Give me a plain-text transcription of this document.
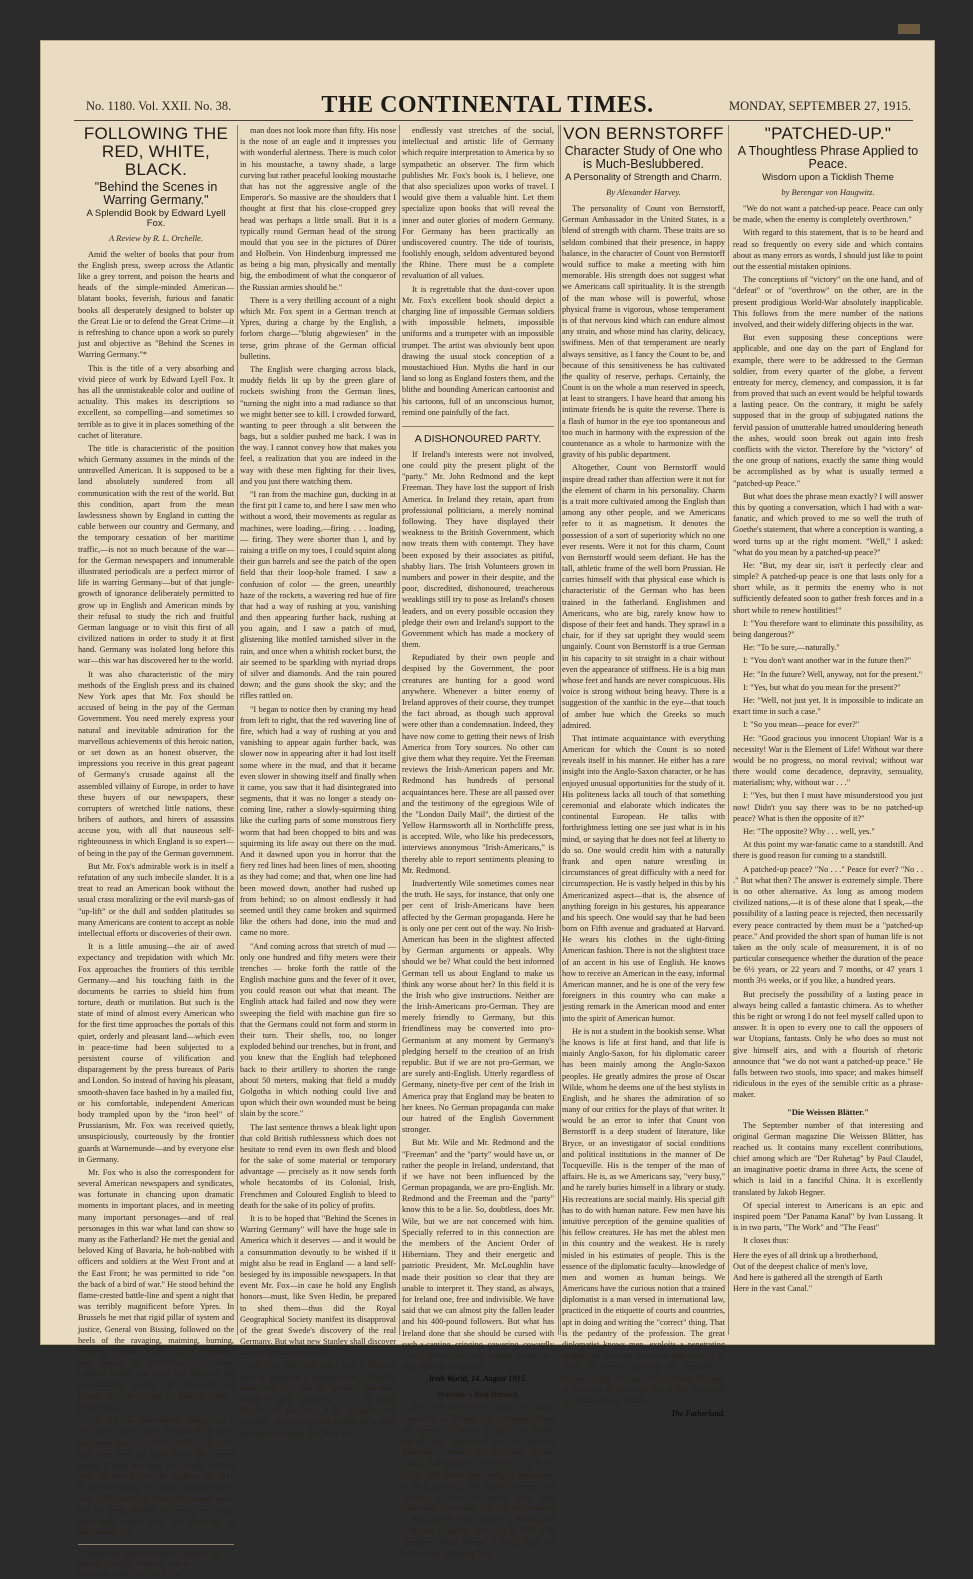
No. 1180. Vol. XXII. No. 38.	THE CONTINENTAL TIMES.	MONDAY, SEPTEMBER 27, 1915.
FOLLOWING THE RED, WHITE, BLACK.
"Behind the Scenes in Warring Germany."
A Splendid Book by Edward Lyell Fox.
A Review by R. L. Orchelle.

Amid the welter of books that pour from the English press, sweep across the Atlantic like a grey torrent, and poison the hearts and heads of the simple-minded American—blatant books, feverish, furious and fanatic books all desperately designed to bolster up the Great Lie or to defend the Great Crime—it is refreshing to chance upon a work so purely just and objective as "Behind the Scenes in Warring Germany."*

This is the title of a very absorbing and vivid piece of work by Edward Lyell Fox. It has all the unmistakeable color and outline of actuality. This makes its descriptions so excellent, so compelling—and sometimes so terrible as to give it in places something of the cachet of literature.

The title is characteristic of the position which Germany assumes in the minds of the untravelled American. It is supposed to be a land absolutely sundered from all communication with the rest of the world. But this condition, apart from the mean lawlessness shown by England in cutting the cable between our country and Germany, and the temporary cessation of her maritime traffic,—is not so much because of the war—for the German newspapers and innumerable illustrated periodicals are a perfect mirror of life in warring Germany—but of that jungle-growth of ignorance deliberately permitted to grow up in English and American minds by their refusal to study the rich and fruitful German language or to visit this first of all civilized nations in order to study it at first hand. Germany was isolated long before this war—this war has discovered her to the world.

It was also characteristic of the miry methods of the English press and its chained New York apes that Mr. Fox should be accused of being in the pay of the German Government. You need merely express your natural and inevitable admiration for the marvellous achievements of this heroic nation, or set down as an honest observer, the impressions you receive in this great pageant of Germany's crusade against all the assembled villainy of Europe, in order to have these buyers of our newspapers, these corrupters of wretched little nations, these bribers of authors, and hirers of assassins accuse you, with all that nauseous self-righteousness in which England is so expert—of being in the pay of the German government.

But Mr. Fox's admirable work is in itself a refutation of any such imbecile slander. It is a treat to read an American book without the usual crass moralizing or the evil marsh-gas of "up-lift" or the dull and sodden platitudes so many Americans are content to accept as noble intellectual efforts or discoveries of their own.

It is a little amusing—the air of awed expectancy and trepidation with which Mr. Fox approaches the frontiers of this terrible Germany—and his touching faith in the documents he carries to shield him from torture, death or mutilation. But such is the state of mind of almost every American who for the first time approaches the portals of this quiet, orderly and pleasant land—which even in peace-time had been subjected to a persistent course of vilification and disparagement by the press bureaux of Paris and London. So instead of having his pleasant, smooth-shaven face bashed in by a mailed fist, or his comfortable, independent American body trampled upon by the "iron heel" of Prussianism, Mr. Fox was received quietly, unsuspiciously, courteously by the frontier guards at Warnemunde—and by everyone else in Germany.

Mr. Fox who is also the correspondent for several American newspapers and syndicates, was fortunate in chancing upon dramatic moments in important places, and in meeting many important personages—and of real personages in this war what land can show so many as the Fatherland? He met the genial and beloved King of Bavaria, he hob-nobbed with officers and soldiers at the West Front and at the East Front; he was permitted to ride "on the back of a bird of war." He stood behind the flame-crested battle-line and spent a night that was terribly magnificent before Ypres. In Brussels he met that rigid pillar of system and justice, General von Bissing, followed on the heels of the ravaging, maiming, burning, torturing Russian hordes which devastated East Prussia; he interviewed that oaken colossus whose iron mace has shattered the multitudinous armies that threatened all Europe with the eclipse of Russian night—Hindenburg.

"His is a face tremendously strong, with a chin like a buttress and a forehead of the width that means power and there is a firmness to his little blue eyes; all these things the camera shows. It does not show the twinkle in these eyes; nor does it show the kindness that lurks in the wrinkles of his hardy, weather-beaten skin. It falls utterly to depict the pleasant smile that his small sharply cut mouth can show. Sixty-eight years you are thinking in amazement. This

* "Behind the Scenes in Warring Germany" by Edward Lyell Fox. McBride, Nast & Co., Publishers, New York City, $ 1.50.

man does not look more than fifty. His nose is the nose of an eagle and it impresses you with wonderful alertness. There is much color in his moustache, a tawny shade, a large curving but rather peaceful looking moustache that has not the aggressive angle of the Emperor's. So massive are the shoulders that I thought at first that his close-cropped grey head was perhaps a little small. But it is a typically round German head of the strong mould that you see in the pictures of Dürer and Holbein. Von Hindenburg impressed me as being a big man, physically and mentally big, the embodiment of what the conqueror of the Russian armies should be."

There is a very thrilling account of a night which Mr. Fox spent in a German trench at Ypres, during a charge by the English, a forlorn charge—"blutig abgewiesen" in the terse, grim phrase of the German official bulletins.

The English were charging across black, muddy fields lit up by the green glare of rockets swishing from the German lines, "turning the night into a mad radiance so that we might better see to kill. I crowded forward, wanting to peer through a slit between the bags, but a soldier pushed me back. I was in the way. I cannot convey how that makes you feel, a realization that you are indeed in the way with these men fighting for their lives, and you just there watching them.

"I ran from the machine gun, ducking in at the first pit I came to, and here I saw men who without a word, their movements as regular as machines, were loading,—firing. . . . loading, — firing. They were shorter than I, and by raising a trifle on my toes, I could squint along their gun barrels and see the patch of the open field that their loop-hole framed. I saw a confusion of color — the green, unearthly haze of the rockets, a wavering red hue of fire that had a way of rushing at you, vanishing and then appearing further back, rushing at you again, and I saw a patch of mud, glistening like mottled tarnished silver in the rain, and once when a whitish rocket burst, the air seemed to be sparkling with myriad drops of silver and diamonds. And the rain poured down; and the guns shook the sky; and the rifles rattled on.

"I began to notice then by craning my head from left to right, that the red wavering line of fire, which had a way of rushing at you and vanishing to appear again further back, was slower now in appearing after it had lost itself some where in the mud, and that it became even slower in showing itself and finally when it came, you saw that it had disintegrated into segments, that it was no longer a steady on-coming line, rather a slowly-squirming thing like the curling parts of some monstrous fiery worm that had been chopped to bits and was squirming its life away out there on the mud. And it dawned upon you in horror that the fiery red lines had been lines of men, shooting as they had come; and that, when one line had been mowed down, another had rushed up from behind; so on almost endlessly it had seemed until they came broken and squirmed like the others had done, into the mud and came no more.

"And coming across that stretch of mud — only one hundred and fifty meters were their trenches — broke forth the rattle of the English machine guns and the fever of it over, you could reason out what that meant. The English attack had failed and now they were sweeping the field with machine gun fire so that the Germans could not form and storm in their turn. Their shells, too, no longer exploded behind our trenches, but in front, and you knew that the English had telephoned back to their artillery to shorten the range about 50 meters, making that field a muddy Golgotha in which nothing could live and upon which their own wounded must be being slain by the score."

The last sentence throws a bleak light upon that cold British ruthlessness which does not hesitate to rend even its own flesh and blood for the sake of some material or temporary advantage — precisely as it now sends forth whole hecatombs of its Colonial, Irish, Frenchmen and Coloured English to bleed to death for the sake of its policy of profits.

It is to be hoped that "Behind the Scenes in Warring Germany" will have the huge sale in America which it deserves — and it would be a consummation devoutly to be wished if it might also be read in England — a land self-besieged by its impossible newspapers. In that event Mr. Fox—in case he hold any English honors—must, like Sven Hedin, be prepared to shed them—thus did the Royal Geographical Society manifest its disapproval of the great Swede's discovery of the real Germany. But what new Stanley shall discover darkest Britain unto itself?

Mr. Fox now and again uses a German word or phrase in a luminous way—though I must warn him that his favorite "granaten" should be spelt "Granaten." It is to be hoped that he will persevere in his struggles with German—which is not half so difficult as most Americans imagine. For there are

endlessly vast stretches of the social, intellectual and artistic life of Germany which require interpretation to America by so sympathetic an observer. The firm which publishes Mr. Fox's book is, I believe, one that also specializes upon works of travel. I would give them a valuable hint. Let them specialize upon books that will reveal the inner and outer glories of modern Germany. For Germany has been practically an undiscovered country. The tide of tourists, foolishly enough, seldom adventured beyond the Rhine. There must be a complete revaluation of all values.

It is regrettable that the dust-cover upon Mr. Fox's excellent book should depict a charging line of impossible German soldiers with impossible helmets, impossible uniforms and a trumpeter with an impossible trumpet. The artist was obviously bent upon drawing the usual stock conception of a moustachioed Hun. Myths die hard in our land so long as England fosters them, and the blithe and bounding American cartoonist and his cartoons, full of an unconscious humor, remind one painfully of the fact.

A DISHONOURED PARTY.

If Ireland's interests were not involved, one could pity the present plight of the "party." Mr. John Redmond and the kept Freeman. They have lost the support of Irish America. In Ireland they retain, apart from professional politicians, a merely nominal following. They have displayed their weakness to the British Government, which now treats them with contempt. They have been exposed by their associates as pitiful, shabby liars. The Irish Volunteers grown in numbers and power in their despite, and the poor, discredited, dishonoured, treacherous weaklings still try to pose as Ireland's chosen leaders, and on every possible occasion they pledge their own and Ireland's support to the Government which has made a mockery of them.

Repudiated by their own people and despised by the Government, the poor creatures are hunting for a good word anywhere. Whenever a bitter enemy of Ireland approves of their course, they trumpet the fact abroad, as though such approval were other than a condemnation. Indeed, they have now come to getting their news of Irish America from Tory sources. No other can give them what they require. Yet the Freeman reviews the Irish-American papers and Mr. Redmond has hundreds of personal acquaintances here. These are all passed over and the testimony of the egregious Wile of the "London Daily Mail", the dirtiest of the Yellow Harmsworth all in Northcliffe press, is accepted. Wile, who like his predecessors, interviews anonymous "Irish-Americans," is thereby able to report sentiments pleasing to Mr. Redmond.

Inadvertently Wile sometimes comes near the truth. He says, for instance, that only one per cent of Irish-Americans have been affected by the German propaganda. Here he is only one per cent out of the way. No Irish-American has been in the slightest affected by German arguments or appeals. Why should we be? What could the best informed German tell us about England to make us think any worse about her? In this field it is the Irish who give instructions. Neither are the Irish-Americans pro-German. They are merely friendly to Germany, but this friendliness may be converted into pro-Germanism at any moment by Germany's pledging herself to the creation of an Irish republic. But if we are not pro-German, we are surely anti-English. Utterly regardless of Germany, ninety-five per cent of the Irish in America pray that England may be beaten to her knees. No German propaganda can make our hatred of the English Government stronger.

But Mr. Wile and Mr. Redmond and the "Freeman" and the "party" would have us, or rather the people in Ireland, understand, that if we have not been influenced by the German propaganda, we are pro-English. Mr. Redmond and the Freeman and the "party" know this to be a lie. So, doubtless, does Mr. Wile, but we are not concerned with him. Specially referred to in this connection are the members of the Ancient Order of Hibernians. They and their energetic and patriotic President, Mr. McLoughlin have made their position so clear that they are unable to interpret it. They stand, as always, for Ireland one, free and indivisible. We have said that we can almost pity the fallen leader and his 400-pound followers. But what has Ireland done that she should be cursed with such a canting, cringing, cowering, cowardly crew? Ireland has had traitors before but none quite so despicable!

Irish World, 14. August 1915.
Warsaw's Red Record.

Few cities have been the cause of so much bloodshed as Warsaw. For centuries, before the capture of Russia in 1813, the Polish capital was contended for by Swedes, Russians, Germans and Austrians, against whom, individually or collectively, the Poles had to fight almost continually for possession of their beautiful city. Both Germany and Austria, it may be noted, have held possession of Warsaw. The city was awarded to Prussia at the third partition of Poland, and held until Napoleon entered it in 1806. The Austrians seized Warsaw in April, 1809, but left it in the following June.

"PATCHED-UP."
A Thoughtless Phrase Applied to Peace.
Wisdom upon a Ticklish Theme
by Berengar von Haugwitz.

"We do not want a patched-up peace. Peace can only be made, when the enemy is completely overthrown."

With regard to this statement, that is to be heard and read so frequently on every side and which contains about as many errors as words, I should just like to point out the essential mistaken opinions.

The conceptions of "victory" on the one hand, and of "defeat" or of "overthrow" on the other, are in the present prodigious World-War absolutely inapplicable. This follows from the mere number of the nations involved, and their widely differing objects in the war.

But even supposing these conceptions were applicable, and one day on the part of England for example, there were to be addressed to the German soldier, from every quarter of the globe, a fervent entreaty for mercy, clemency, and compassion, it is far from proved that such an event would be helpful towards a lasting peace. On the contrary, it might be safely supposed that in the group of subjugated nations the fervid passion of unutterable hatred smouldering beneath the ashes, would soon break out again into fresh conflicts with the victor. Therefore by the "victory" of the one group of nations, exactly the same thing would be accomplished as by what is usually termed a "patched-up Peace."

But what does the phrase mean exactly? I will answer this by quoting a conversation, which I had with a war-fanatic, and which proved to me so well the truth of Goethe's statement, that where a conception is wanting, a word turns up at the right moment. "Well," I asked: "what do you mean by a patched-up peace?"

He: "But, my dear sir, isn't it perfectly clear and simple? A patched-up peace is one that lasts only for a short while, as it permits the enemy who is not sufficiently defeated soon to gather fresh forces and in a short while to renew hostilities!"

I: "You therefore want to eliminate this possibility, as being dangerous?"

He: "To be sure,—naturally."

I: "You don't want another war in the future then?"

He: "In the future? Well, anyway, not for the present."

I: "Yes, but what do you mean for the present?"

He: "Well, not just yet. It is impossible to indicate an exact time in such a case."

I: "So you mean—peace for ever?"

He: "Good gracious you innocent Utopian! War is a necessity! War is the Element of Life! Without war there would be no progress, no moral revival; without war there would come decadence, depravity, sensuality, materialism; why, without war . . ."

I: "Yes, but then I must have misunderstood you just now! Didn't you say there was to be no patched-up peace? What is then the opposite of it?"

He: "The opposite? Why . . . well, yes."

At this point my war-fanatic came to a standstill. And there is good reason for coming to a standstill.

A patched-up peace? "No . . ." Peace for ever? "No . . ." But what then? The answer is extremely simple. There is no other alternative. As long as among modern civilized nations,—it is of these alone that I speak,—the possibility of a lasting peace is rejected, then necessarily every peace contracted by them must be a "patched-up peace." And provided the short span of human life is not taken as the only scale of measurement, it is of no particular consequence whether the duration of the peace be 6½ years, or 22 years and 7 months, or 47 years 1 month 3½ weeks, or if you like, a hundred years.

But precisely the possibility of a lasting peace in always being called a fantastic chimera. As to whether this be right or wrong I do not feel myself called upon to answer. It is open to every one to call the opposers of war Utopians, fantasts. Only he who does so must not give himself airs, and with a flourish of rhetoric announce that "we do not want a patched-up peace." He falls between two stools, into space; and makes himself ridiculous in the eyes of the sensible critic as a phrase-maker.

"Die Weissen Blätter."

The September number of that interesting and original German magazine Die Weissen Blätter, has reached us. It contains many excellent contributions, chief among which are "Der Ruhetag" by Paul Claudel, an imaginative poetic drama in three Acts, the scene of which is laid in a fanciful China. It is excellently translated by Jakob Hegner.

Of special interest to Americans is an epic and inspired poem "Der Panama Kanal" by Ivan Lussang. It is in two parts, "The Work" and "The Feast"

It closes thus:

Here the eyes of all drink up a brotherhood,
Out of the deepest chalice of men's love,
And here is gathered all the strength of Earth
Here in the vast Canal."
VON BERNSTORFF
Character Study of One who is Much-Beslubbered.
A Personality of Strength and Charm.
By Alexander Harvey.

The personality of Count von Bernstorff, German Ambassador in the United States, is a blend of strength with charm. These traits are so seldom combined that their presence, in happy balance, in the character of Count von Bernstorff would suffice to make a meeting with him memorable. His strength does not suggest what we Americans call spirituality. It is the strength of the man whose will is powerful, whose physical frame is vigorous, whose temperament is of that nervous kind which can endure almost any strain, and whose mind has clarity, delicacy, swiftness. Men of that temperament are nearly always sensitive, as I fancy the Count to be, and because of this sensitiveness he has cultivated the quality of reserve, perhaps. Certainly, the Count is on the whole a man reserved in speech, at least to strangers. I have heard that among his intimate friends he is quite the reverse. There is a flash of humor in the eye too spontaneous and too much in harmony with the expression of the countenance as a whole to harmonize with the gravity of his public department.

Altogether, Count von Bernstorff would inspire dread rather than affection were it not for the element of charm in his personality. Charm is a trait more cultivated among the English than among any other people, and we Americans refer to it as magnetism. It denotes the possession of a sort of superiority which no one ever resents. Were it not for this charm, Count von Bernstorff would seem defiant. He has the tall, athletic frame of the well born Prussian. He carries himself with that physical ease which is characteristic of the German who has been trained in the fatherland. Englishmen and Americans, who are big, rarely know how to dispose of their feet and hands. They sprawl in a chair, for if they sat upright they would seem ungainly. Count von Bernstorff is a true German in his capacity to sit straight in a chair without even the appearance of stiffness. He is a big man whose feet and hands are never conspicuous. His voice is strong without being heavy. There is a suggestion of the xanthic in the eye—that touch of amber hue which the Greeks so much admired.

That intimate acquaintance with everything American for which the Count is so noted reveals itself in his manner. He either has a rare insight into the Anglo-Saxon character, or he has enjoyed unusual opportunities for the study of it. His politeness lacks all touch of that something ceremonial and elaborate which indicates the continental European. He talks with forthrightness letting one see just what is in his mind, or saying that he does not feel at liberty to do so. One would credit him with a naturally frank and open nature wrestling in circumstances of great difficulty with a need for circumspection. He is vastly helped in this by his Americanized aspect—that is, the absence of anything foreign in his gestures, his appearance and his speech. One would say that he had been born on Fifth avenue and graduated at Harvard. He wears his clothes in the tight-fitting American fashion. There is not the slightest trace of an accent in his use of English. He knows how to receive an American in the easy, informal American manner, and he is one of the very few foreigners in this country who can make a jesting remark in the American mood and enter into the spirit of American humor.

He is not a student in the bookish sense. What he knows is life at first hand, and that life is mainly Anglo-Saxon, for his diplomatic career has been mainly among the Anglo-Saxon peoples. He greatly admires the prose of Oscar Wilde, whom he deems one of the best stylists in English, and he shares the admiration of so many of our critics for the plays of that writer. It would be an error to infer that Count von Bernstorff is a deep student of literature, like Bryce, or an investigator of social conditions and political institutions in the manner of De Tocqueville. His is the temper of the man of affairs. He is, as we Americans say, "very busy," and he rarely buries himself in a library or study. His recreations are social mainly. His special gift has to do with human nature. Few men have his intuitive perception of the genuine qualities of his fellow creatures. He has met the ablest men in this country and the weakest. He is rarely misled in his estimates of people. This is the essence of the diplomatic faculty—knowledge of men and women as human beings. We Americans have the curious notion that a trained diplomatist is a man versed in international law, practiced in the etiquette of courts and countries, apt in doing and writing the "correct" thing. That is the pedantry of the profession. The great diplomatist knows men, exploits a penetrating insight into character, possesses that rarest of all forms of human capacity—the capacity to estimate aright the capacities of others. Because he does this so unerringly Count von Bernstorff is a diplomatist of genius.

The Fatherland.
